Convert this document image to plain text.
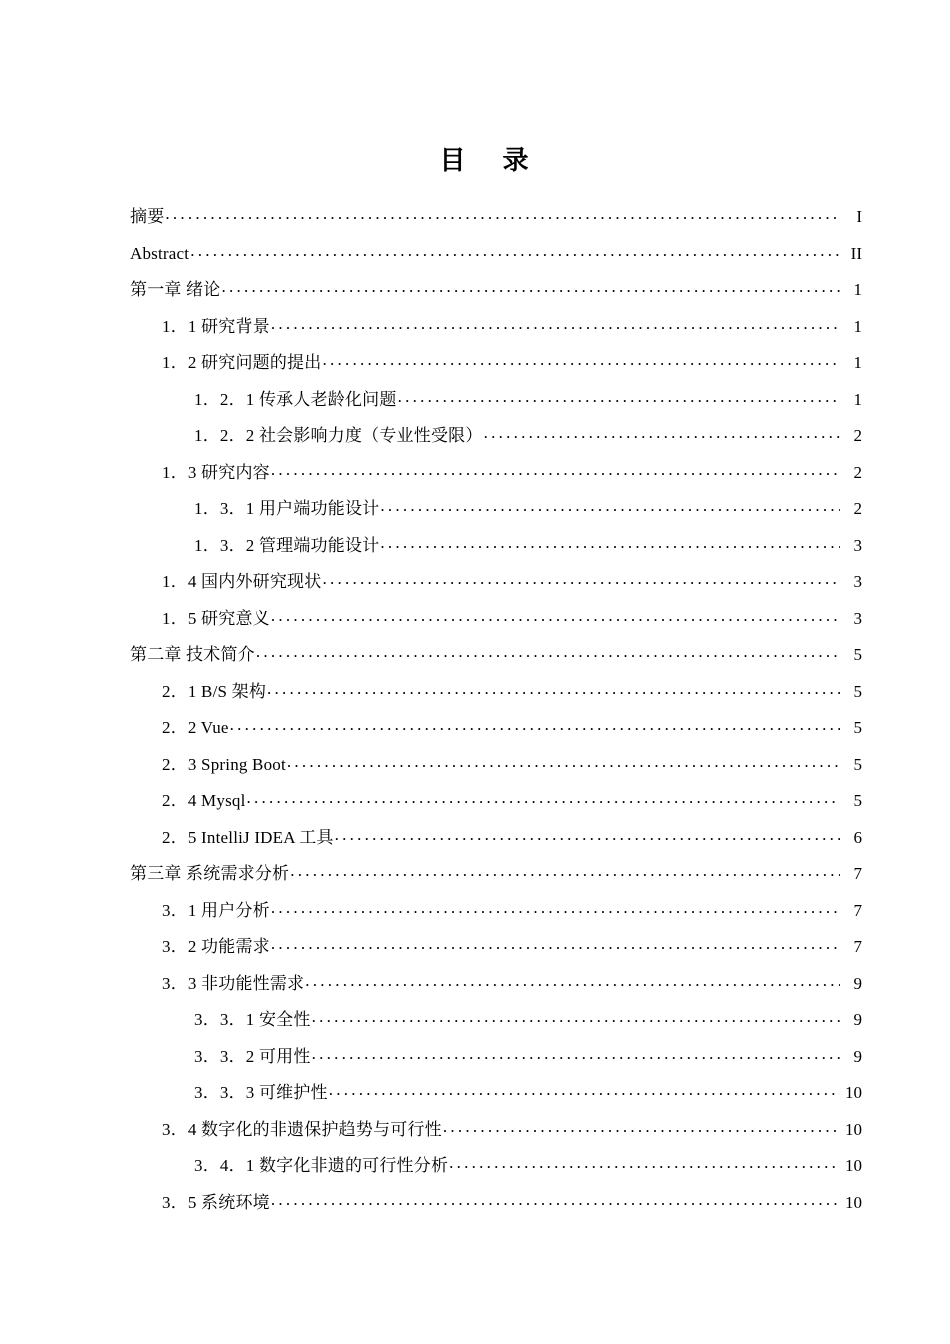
目 录
摘要 . . .	I
Abstract . . .	II
第一章 绪论 . . .	1
1．1 研究背景 . . .	1
1．2 研究问题的提出 . . .	1
1．2．1 传承人老龄化问题 . . .	1
1．2．2 社会影响力度（专业性受限） . . .	2
1．3 研究内容 . . .	2
1．3．1 用户端功能设计 . . .	2
1．3．2 管理端功能设计 . . .	3
1．4 国内外研究现状 . . .	3
1．5 研究意义 . . .	3
第二章 技术简介 . . .	5
2．1 B/S 架构 . . .	5
2．2 Vue . . .	5
2．3 Spring Boot . . .	5
2．4 Mysql . . .	5
2．5 IntelliJ IDEA 工具 . . .	6
第三章 系统需求分析 . . .	7
3．1 用户分析 . . .	7
3．2 功能需求 . . .	7
3．3 非功能性需求 . . .	9
3．3．1 安全性 . . .	9
3．3．2 可用性 . . .	9
3．3．3 可维护性 . . .	10
3．4 数字化的非遗保护趋势与可行性 . . .	10
3．4．1 数字化非遗的可行性分析 . . .	10
3．5 系统环境 . . .	10
